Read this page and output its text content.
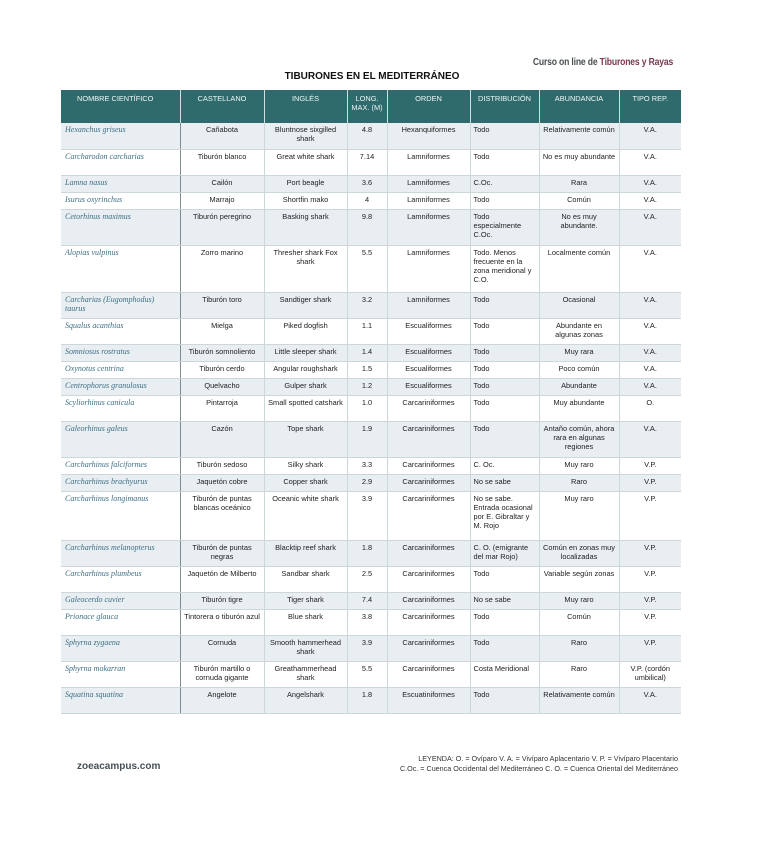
Curso on line de Tiburones y Rayas
TIBURONES EN EL MEDITERRÁNEO
NOMBRE CIENTÍFICO	CASTELLANO	INGLÉS	LONG. MAX. (M)	ORDEN	DISTRIBUCIÓN	ABUNDANCIA	TIPO REP.
Hexanchus griseus	Cañabota	Bluntnose sixgilled shark	4.8	Hexanquiformes	Todo	Relativamente común	V.A.
Carcharodon carcharias	Tiburón blanco	Great white shark	7.14	Lamniformes	Todo	No es muy abundante	V.A.
Lamna nasus	Cailón	Port beagle	3.6	Lamniformes	C.Oc.	Rara	V.A.
Isurus oxyrinchus	Marrajo	Shortfin mako	4	Lamniformes	Todo	Común	V.A.
Cetorhinus maximus	Tiburón peregrino	Basking shark	9.8	Lamniformes	Todo especialmente C.Oc.	No es muy abundante.	V.A.
Alopias vulpinus	Zorro marino	Thresher shark Fox shark	5.5	Lamniformes	Todo. Menos frecuente en la zona meridional y C.O.	Localmente común	V.A.
Carcharias (Eugomphodus) taurus	Tiburón toro	Sandtiger shark	3.2	Lamniformes	Todo	Ocasional	V.A.
Squalus acanthias	Mielga	Piked dogfish	1.1	Escualiformes	Todo	Abundante en algunas zonas	V.A.
Somniosus rostratus	Tiburón somnoliento	Little sleeper shark	1.4	Escualiformes	Todo	Muy rara	V.A.
Oxynotus centrina	Tiburón cerdo	Angular roughshark	1.5	Escualiformes	Todo	Poco común	V.A.
Centrophorus granulosus	Quelvacho	Gulper shark	1.2	Escualiformes	Todo	Abundante	V.A.
Scyliorhinus canicula	Pintarroja	Small spotted catshark	1.0	Carcariniformes	Todo	Muy abundante	O.
Galeorhinus galeus	Cazón	Tope shark	1.9	Carcariniformes	Todo	Antaño común, ahora rara en algunas regiones	V.A.
Carcharhinus falciformes	Tiburón sedoso	Silky shark	3.3	Carcariniformes	C. Oc.	Muy raro	V.P.
Carcharhinus brachyurus	Jaquetón cobre	Copper shark	2.9	Carcariniformes	No se sabe	Raro	V.P.
Carcharhinus longimanus	Tiburón de puntas blancas oceánico	Oceanic white shark	3.9	Carcariniformes	No se sabe. Entrada ocasional por E. Gibraltar y M. Rojo	Muy raro	V.P.
Carcharhinus melanopterus	Tiburón de puntas negras	Blacktip reef shark	1.8	Carcariniformes	C. O. (emigrante del mar Rojo)	Común en zonas muy localizadas	V.P.
Carcharhinus plumbeus	Jaquetón de Milberto	Sandbar shark	2.5	Carcariniformes	Todo	Variable según zonas	V.P.
Galeocerdo cuvier	Tiburón tigre	Tiger shark	7.4	Carcariniformes	No se sabe	Muy raro	V.P.
Prionace glauca	Tintorera o tiburón azul	Blue shark	3.8	Carcariniformes	Todo	Común	V.P.
Sphyrna zygaena	Cornuda	Smooth hammerhead shark	3.9	Carcariniformes	Todo	Raro	V.P.
Sphyrna mokarran	Tiburón martillo o cornuda gigante	Greathammerhead shark	5.5	Carcariniformes	Costa Meridional	Raro	V.P. (cordón umbilical)
Squatina squatina	Angelote	Angelshark	1.8	Escuatiniformes	Todo	Relativamente común	V.A.
LEYENDA: O. = Ovíparo V. A. = Vivíparo Aplacentario V. P. = Vivíparo Placentario
C.Oc. = Cuenca Occidental del Mediterráneo C. O. = Cuenca Oriental del Mediterráneo
zoeacampus.com
